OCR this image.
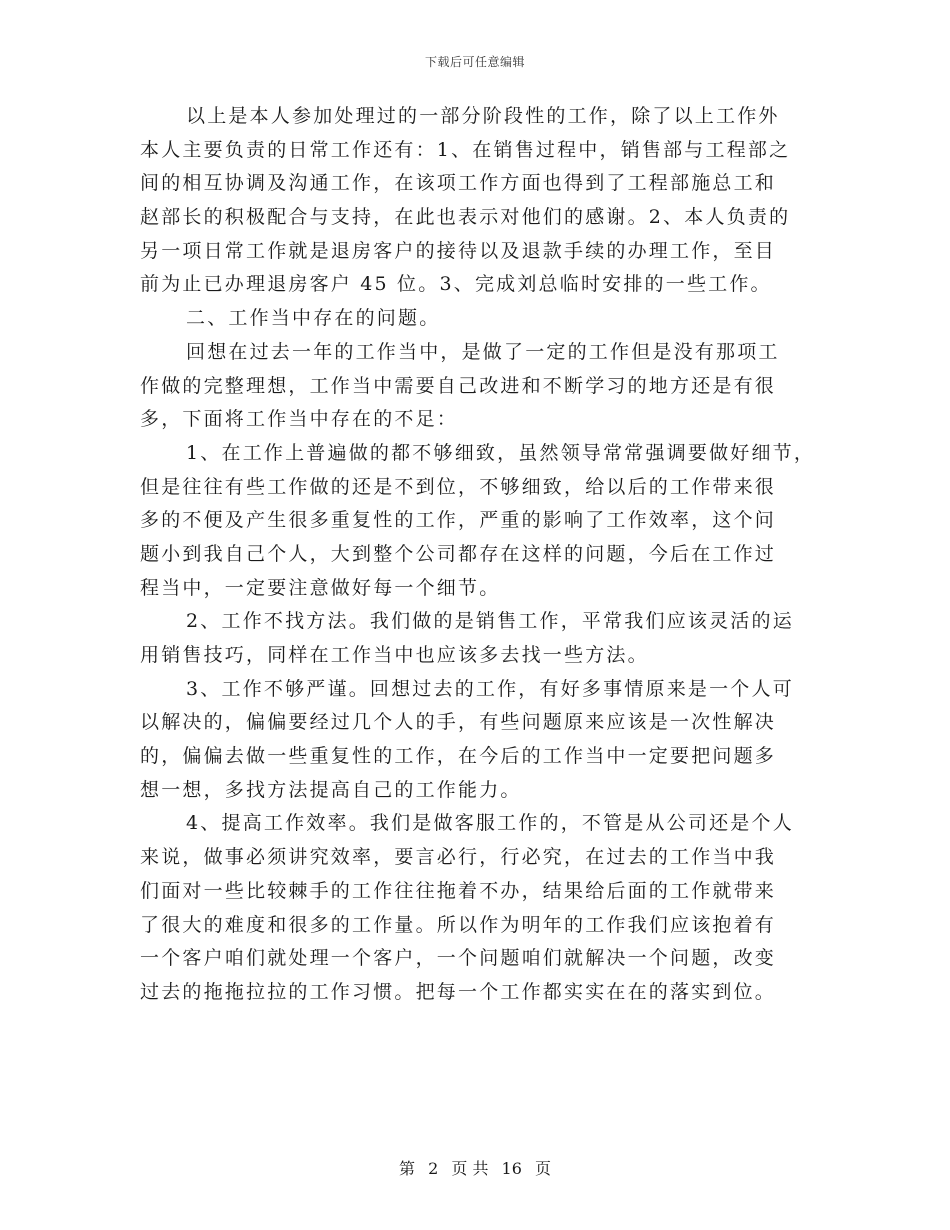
下载后可任意编辑
以上是本人参加处理过的一部分阶段性的工作，除了以上工作外
本人主要负责的日常工作还有：1、在销售过程中，销售部与工程部之
间的相互协调及沟通工作，在该项工作方面也得到了工程部施总工和
赵部长的积极配合与支持，在此也表示对他们的感谢。2、本人负责的
另一项日常工作就是退房客户的接待以及退款手续的办理工作，至目
前为止已办理退房客户 45 位。3、完成刘总临时安排的一些工作。
二、工作当中存在的问题。
回想在过去一年的工作当中，是做了一定的工作但是没有那项工
作做的完整理想，工作当中需要自己改进和不断学习的地方还是有很
多，下面将工作当中存在的不足：
1、在工作上普遍做的都不够细致，虽然领导常常强调要做好细节，
但是往往有些工作做的还是不到位，不够细致，给以后的工作带来很
多的不便及产生很多重复性的工作，严重的影响了工作效率，这个问
题小到我自己个人，大到整个公司都存在这样的问题，今后在工作过
程当中，一定要注意做好每一个细节。
2、工作不找方法。我们做的是销售工作，平常我们应该灵活的运
用销售技巧，同样在工作当中也应该多去找一些方法。
3、工作不够严谨。回想过去的工作，有好多事情原来是一个人可
以解决的，偏偏要经过几个人的手，有些问题原来应该是一次性解决
的，偏偏去做一些重复性的工作，在今后的工作当中一定要把问题多
想一想，多找方法提高自己的工作能力。
4、提高工作效率。我们是做客服工作的，不管是从公司还是个人
来说，做事必须讲究效率，要言必行，行必究，在过去的工作当中我
们面对一些比较棘手的工作往往拖着不办，结果给后面的工作就带来
了很大的难度和很多的工作量。所以作为明年的工作我们应该抱着有
一个客户咱们就处理一个客户，一个问题咱们就解决一个问题，改变
过去的拖拖拉拉的工作习惯。把每一个工作都实实在在的落实到位。
第 2 页 共 16 页
